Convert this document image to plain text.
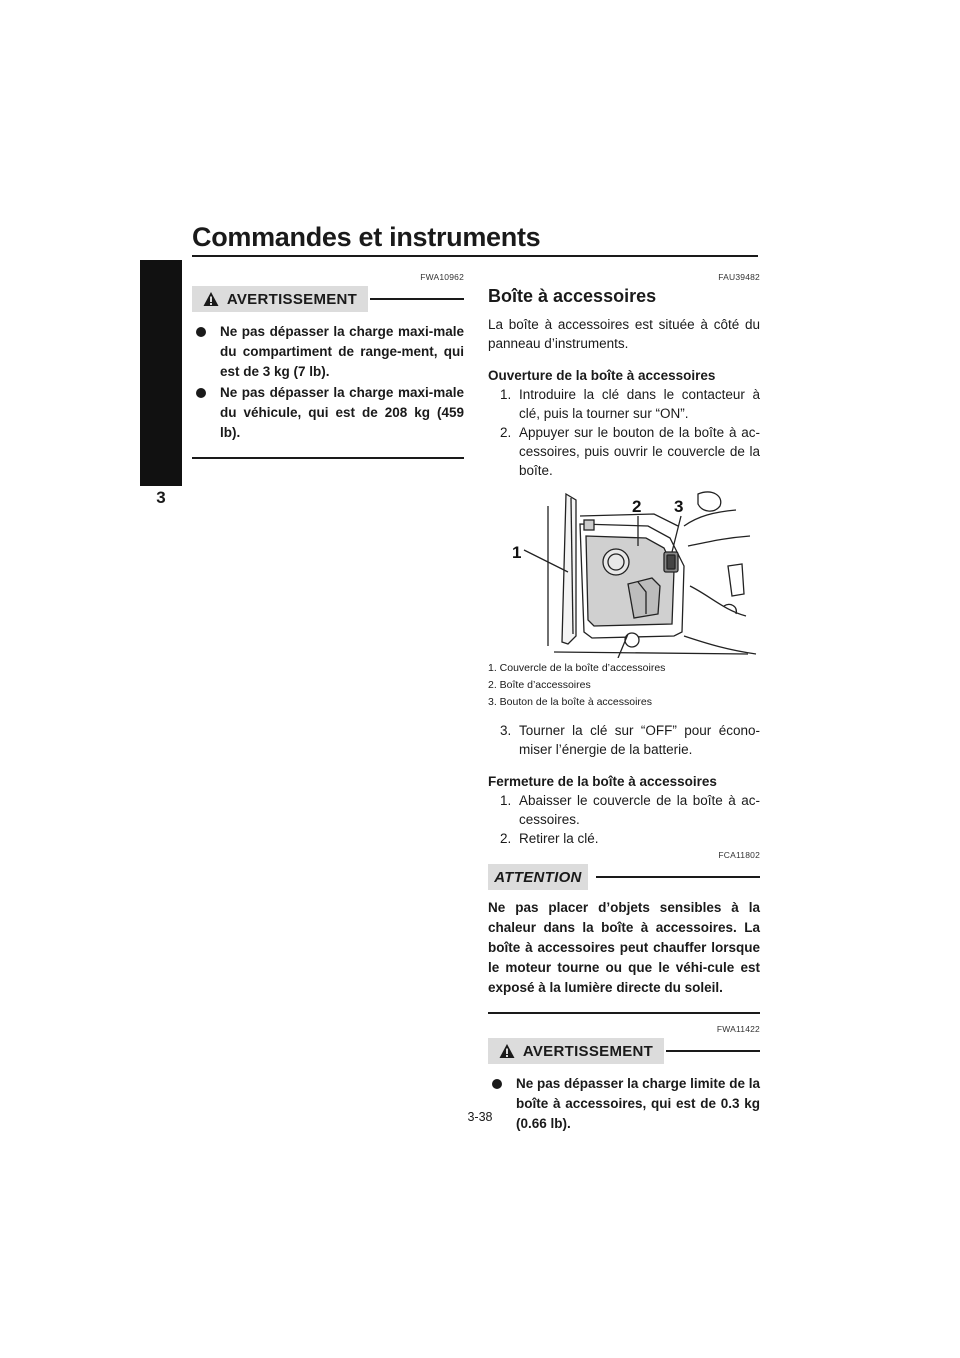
Commandes et instruments
3
FWA10962
AVERTISSEMENT
Ne pas dépasser la charge maxi-male du compartiment de range-ment, qui est de 3 kg (7 lb).
Ne pas dépasser la charge maxi-male du véhicule, qui est de 208 kg (459 lb).
FAU39482
Boîte à accessoires
La boîte à accessoires est située à côté du panneau d’instruments.
Ouverture de la boîte à accessoires
1. Introduire la clé dans le contacteur à clé, puis la tourner sur “ON”.
2. Appuyer sur le bouton de la boîte à ac-cessoires, puis ouvrir le couvercle de la boîte.
1
2 3
1. Couvercle de la boîte d’accessoires
2. Boîte d’accessoires
3. Bouton de la boîte à accessoires
3. Tourner la clé sur “OFF” pour écono-miser l’énergie de la batterie.
Fermeture de la boîte à accessoires
1. Abaisser le couvercle de la boîte à ac-cessoires.
2. Retirer la clé.
FCA11802
ATTENTION
Ne pas placer d’objets sensibles à la chaleur dans la boîte à accessoires. La boîte à accessoires peut chauffer lorsque le moteur tourne ou que le véhi-cule est exposé à la lumière directe du soleil.
FWA11422
AVERTISSEMENT
Ne pas dépasser la charge limite de la boîte à accessoires, qui est de 0.3 kg (0.66 lb).
3-38
